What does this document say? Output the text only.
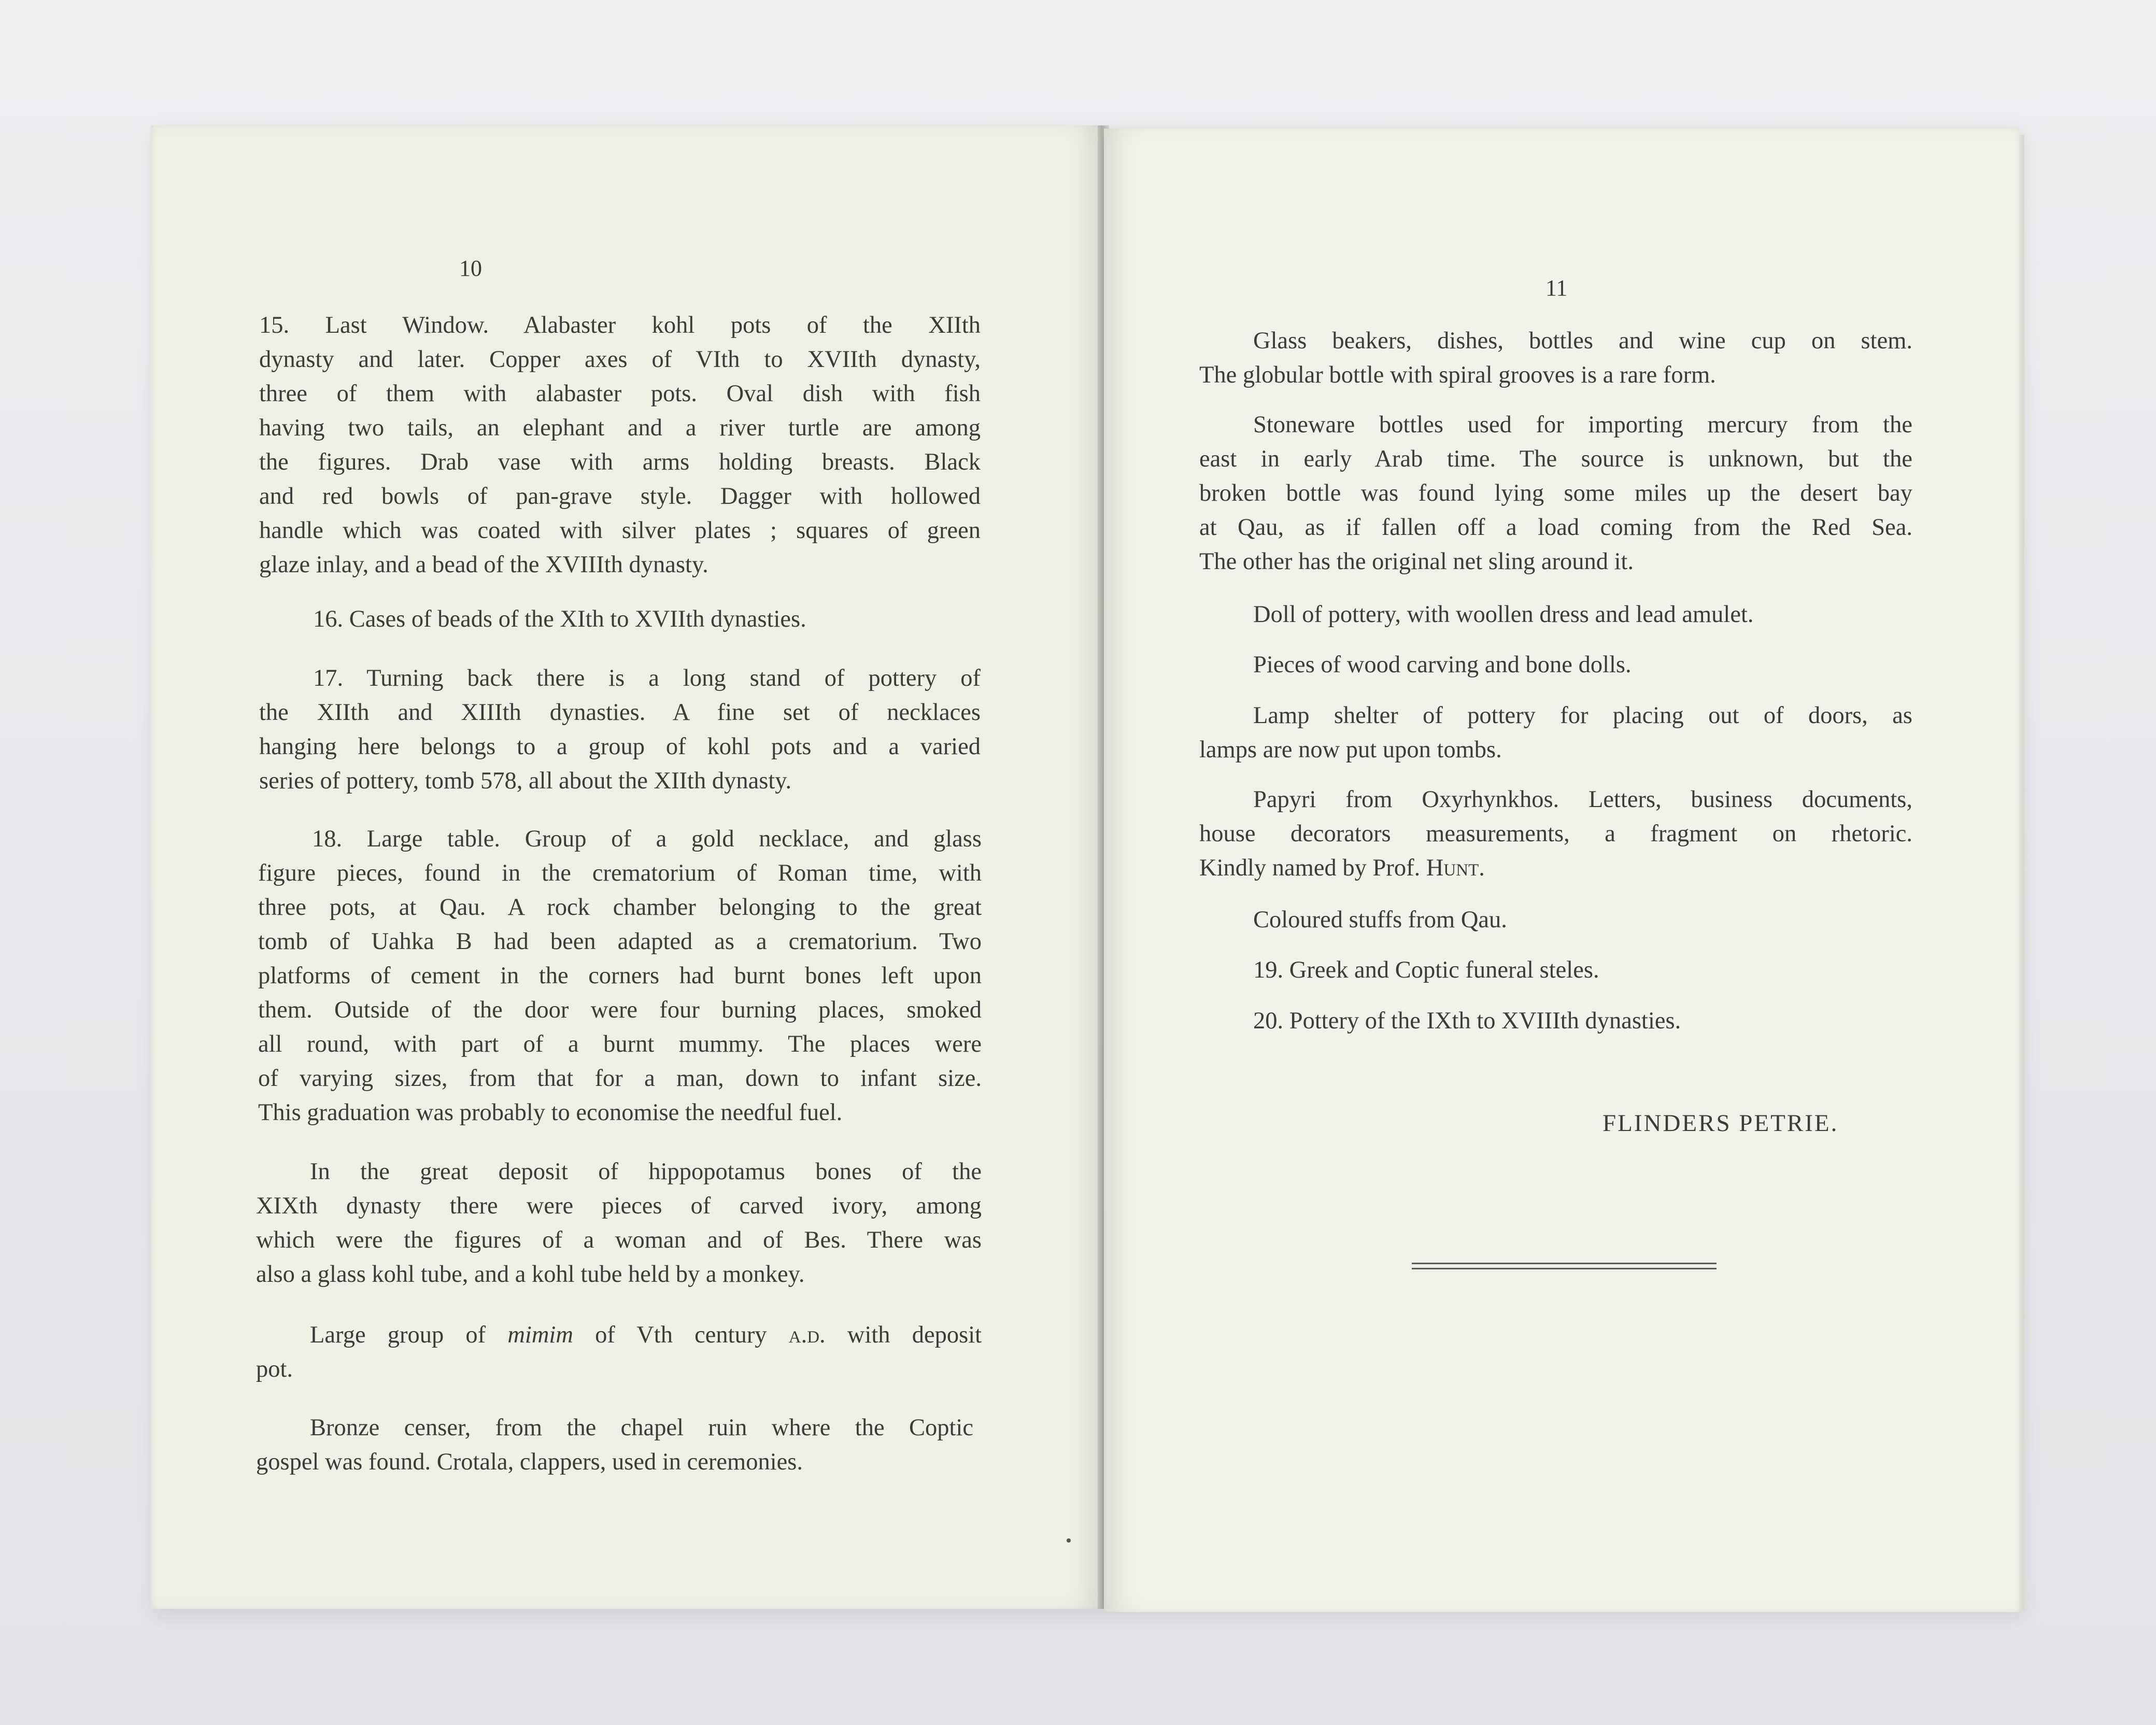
10
11
15. Last Window. Alabaster kohl pots of the XIIth
dynasty and later. Copper axes of VIth to XVIIth dynasty,
three of them with alabaster pots. Oval dish with fish
having two tails, an elephant and a river turtle are among
the figures. Drab vase with arms holding breasts. Black
and red bowls of pan-grave style. Dagger with hollowed
handle which was coated with silver plates ; squares of green
glaze inlay, and a bead of the XVIIIth dynasty.
16. Cases of beads of the XIth to XVIIth dynasties.
17. Turning back there is a long stand of pottery of
the XIIth and XIIIth dynasties. A fine set of necklaces
hanging here belongs to a group of kohl pots and a varied
series of pottery, tomb 578, all about the XIIth dynasty.
18. Large table. Group of a gold necklace, and glass
figure pieces, found in the crematorium of Roman time, with
three pots, at Qau. A rock chamber belonging to the great
tomb of Uahka B had been adapted as a crematorium. Two
platforms of cement in the corners had burnt bones left upon
them. Outside of the door were four burning places, smoked
all round, with part of a burnt mummy. The places were
of varying sizes, from that for a man, down to infant size.
This graduation was probably to economise the needful fuel.
In the great deposit of hippopotamus bones of the
XIXth dynasty there were pieces of carved ivory, among
which were the figures of a woman and of Bes. There was
also a glass kohl tube, and a kohl tube held by a monkey.
Large group of mimim of Vth century a.d. with deposit
pot.
Bronze censer, from the chapel ruin where the Coptic
gospel was found. Crotala, clappers, used in ceremonies.
Glass beakers, dishes, bottles and wine cup on stem.
The globular bottle with spiral grooves is a rare form.
Stoneware bottles used for importing mercury from the
east in early Arab time. The source is unknown, but the
broken bottle was found lying some miles up the desert bay
at Qau, as if fallen off a load coming from the Red Sea.
The other has the original net sling around it.
Doll of pottery, with woollen dress and lead amulet.
Pieces of wood carving and bone dolls.
Lamp shelter of pottery for placing out of doors, as
lamps are now put upon tombs.
Papyri from Oxyrhynkhos. Letters, business documents,
house decorators measurements, a fragment on rhetoric.
Kindly named by Prof. Hunt.
Coloured stuffs from Qau.
19. Greek and Coptic funeral steles.
20. Pottery of the IXth to XVIIIth dynasties.
FLINDERS PETRIE.
